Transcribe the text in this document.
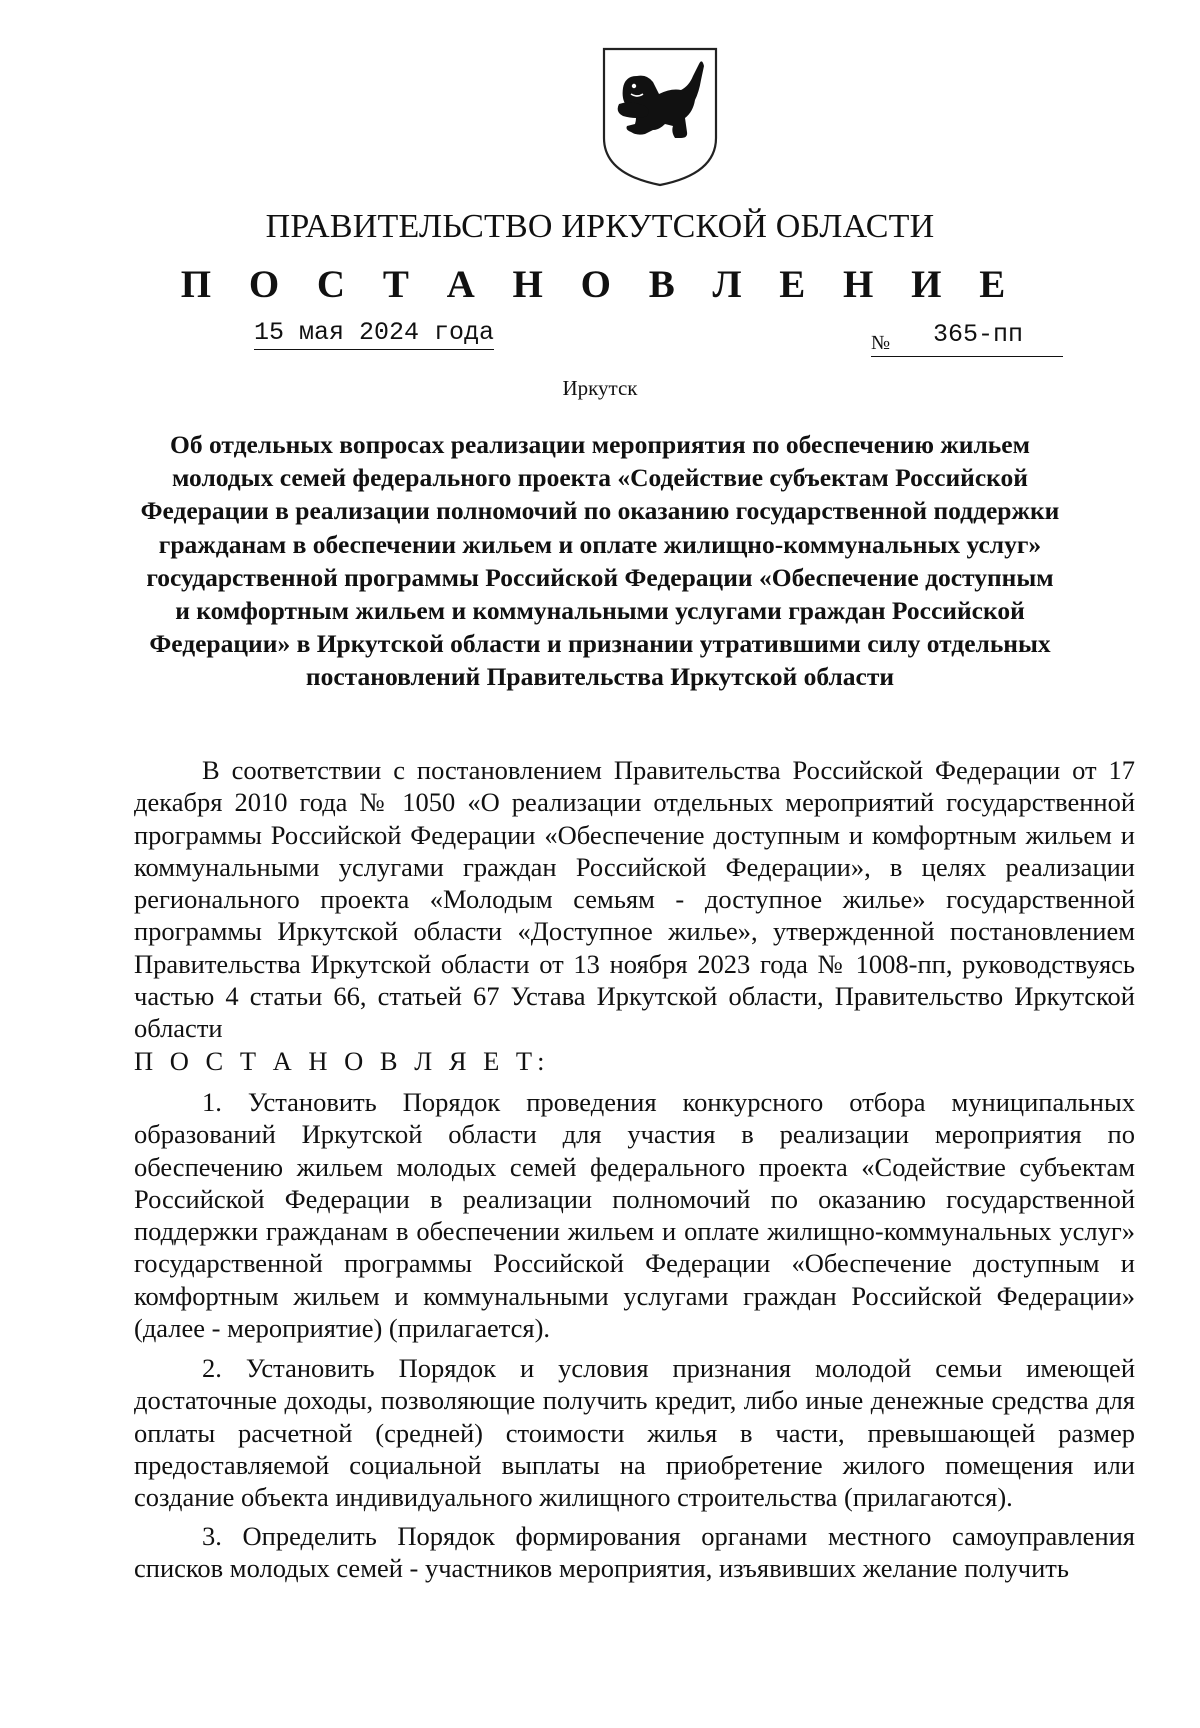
ПРАВИТЕЛЬСТВО ИРКУТСКОЙ ОБЛАСТИ
П О С Т А Н О В Л Е Н И Е
15 мая 2024 года	№ 365-пп
Иркутск
Об отдельных вопросах реализации мероприятия по обеспечению жильем молодых семей федерального проекта «Содействие субъектам Российской Федерации в реализации полномочий по оказанию государственной поддержки гражданам в обеспечении жильем и оплате жилищно-коммунальных услуг» государственной программы Российской Федерации «Обеспечение доступным и комфортным жильем и коммунальными услугами граждан Российской Федерации» в Иркутской области и признании утратившими силу отдельных постановлений Правительства Иркутской области
В соответствии с постановлением Правительства Российской Федерации от 17 декабря 2010 года № 1050 «О реализации отдельных мероприятий государственной программы Российской Федерации «Обеспечение доступным и комфортным жильем и коммунальными услугами граждан Российской Федерации», в целях реализации регионального проекта «Молодым семьям - доступное жилье» государственной программы Иркутской области «Доступное жилье», утвержденной постановлением Правительства Иркутской области от 13 ноября 2023 года № 1008-пп, руководствуясь частью 4 статьи 66, статьей 67 Устава Иркутской области, Правительство Иркутской области
П О С Т А Н О В Л Я Е Т:
1. Установить Порядок проведения конкурсного отбора муниципальных образований Иркутской области для участия в реализации мероприятия по обеспечению жильем молодых семей федерального проекта «Содействие субъектам Российской Федерации в реализации полномочий по оказанию государственной поддержки гражданам в обеспечении жильем и оплате жилищно-коммунальных услуг» государственной программы Российской Федерации «Обеспечение доступным и комфортным жильем и коммунальными услугами граждан Российской Федерации» (далее - мероприятие) (прилагается).
2. Установить Порядок и условия признания молодой семьи имеющей достаточные доходы, позволяющие получить кредит, либо иные денежные средства для оплаты расчетной (средней) стоимости жилья в части, превышающей размер предоставляемой социальной выплаты на приобретение жилого помещения или создание объекта индивидуального жилищного строительства (прилагаются).
3. Определить Порядок формирования органами местного самоуправления списков молодых семей - участников мероприятия, изъявивших желание получить
